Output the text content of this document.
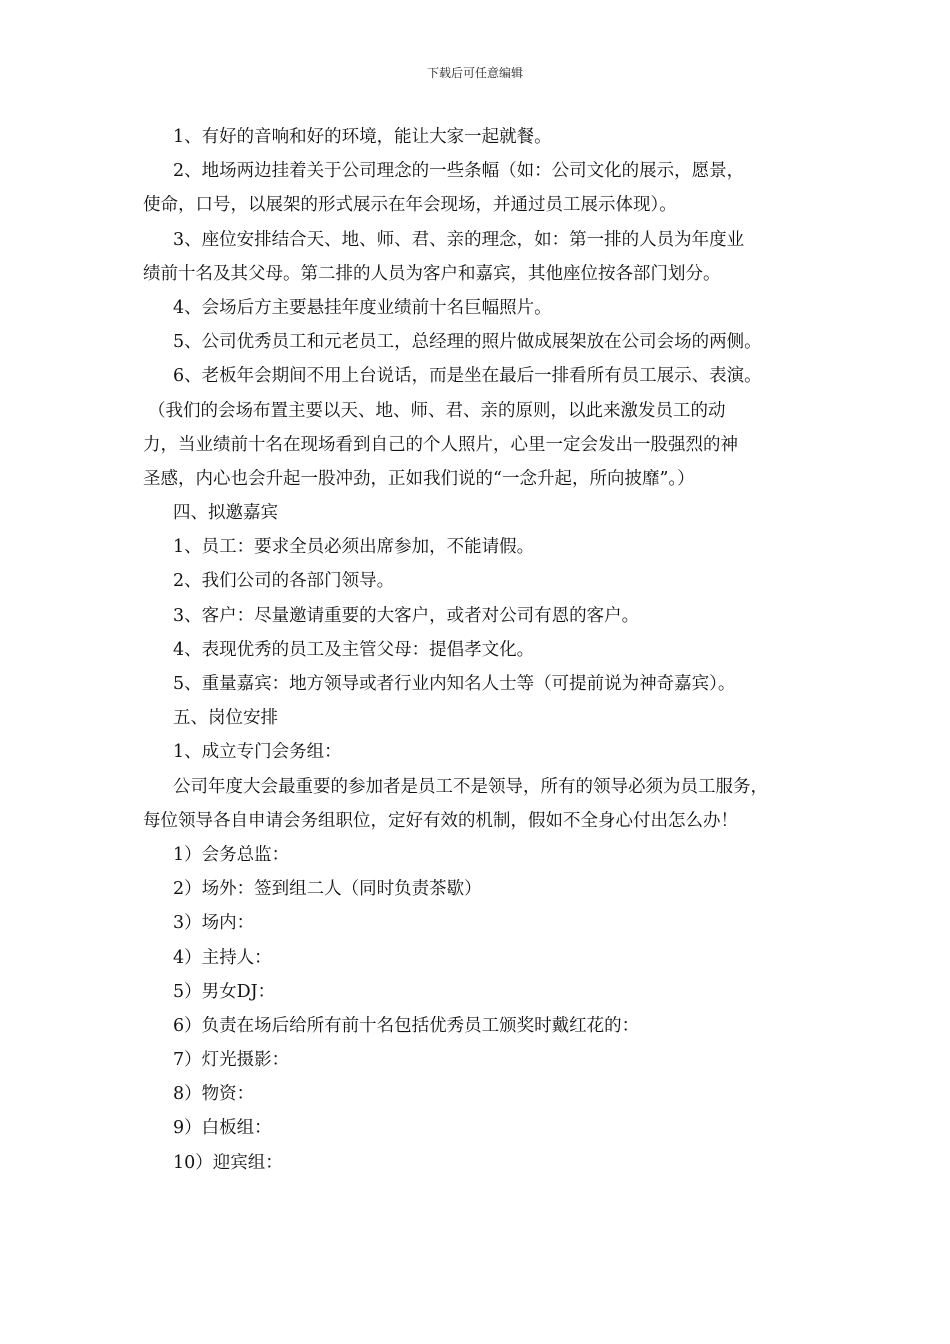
下载后可任意编辑
1、有好的音响和好的环境，能让大家一起就餐。
2、地场两边挂着关于公司理念的一些条幅（如：公司文化的展示，愿景，
使命，口号，以展架的形式展示在年会现场，并通过员工展示体现）。
3、座位安排结合天、地、师、君、亲的理念，如：第一排的人员为年度业
绩前十名及其父母。第二排的人员为客户和嘉宾，其他座位按各部门划分。
4、会场后方主要悬挂年度业绩前十名巨幅照片。
5、公司优秀员工和元老员工，总经理的照片做成展架放在公司会场的两侧。
6、老板年会期间不用上台说话，而是坐在最后一排看所有员工展示、表演。
（我们的会场布置主要以天、地、师、君、亲的原则，以此来激发员工的动
力，当业绩前十名在现场看到自己的个人照片，心里一定会发出一股强烈的神
圣感，内心也会升起一股冲劲，正如我们说的“一念升起，所向披靡”。）
四、拟邀嘉宾
1、员工：要求全员必须出席参加，不能请假。
2、我们公司的各部门领导。
3、客户：尽量邀请重要的大客户，或者对公司有恩的客户。
4、表现优秀的员工及主管父母：提倡孝文化。
5、重量嘉宾：地方领导或者行业内知名人士等（可提前说为神奇嘉宾）。
五、岗位安排
1、成立专门会务组：
公司年度大会最重要的参加者是员工不是领导，所有的领导必须为员工服务，
每位领导各自申请会务组职位，定好有效的机制，假如不全身心付出怎么办！
1）会务总监：
2）场外：签到组二人（同时负责茶歇）
3）场内：
4）主持人：
5）男女DJ：
6）负责在场后给所有前十名包括优秀员工颁奖时戴红花的：
7）灯光摄影：
8）物资：
9）白板组：
10）迎宾组：
